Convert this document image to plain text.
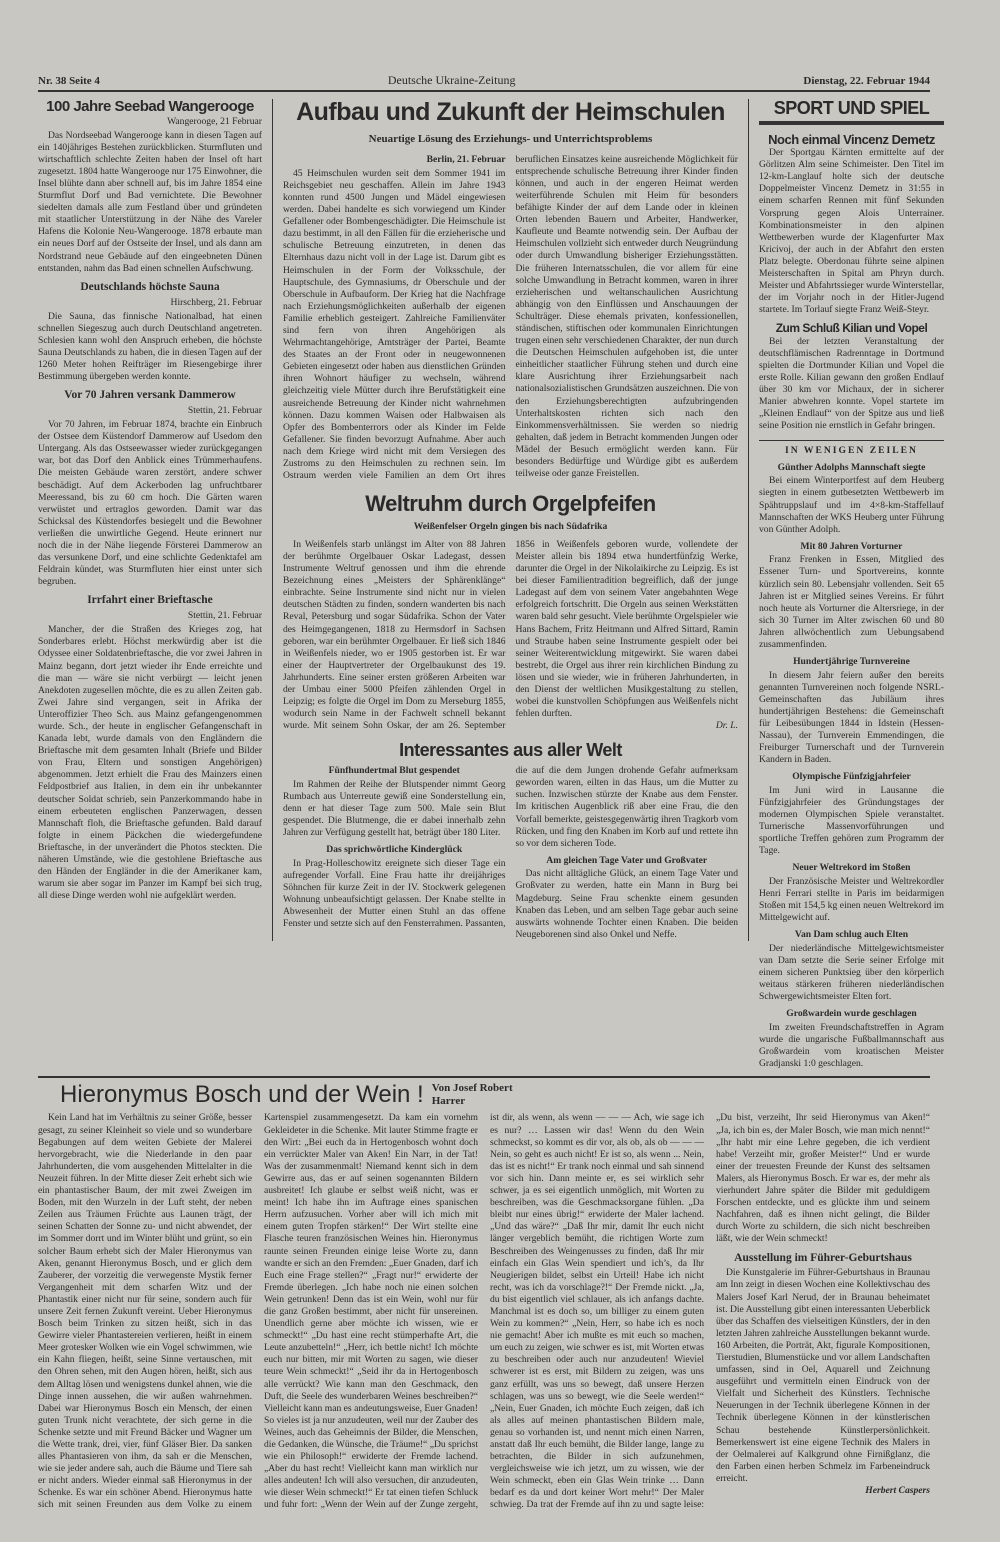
Nr. 38 Seite 4	Deutsche Ukraine-Zeitung	Dienstag, 22. Februar 1944
100 Jahre Seebad Wangerooge
Wangerooge, 21 Februar

Das Nordseebad Wangerooge kann in diesen Tagen auf ein 140jähriges Bestehen zurückblicken. Sturmfluten und wirtschaftlich schlechte Zeiten haben der Insel oft hart zugesetzt. 1804 hatte Wangerooge nur 175 Einwohner, die Insel blühte dann aber schnell auf, bis im Jahre 1854 eine Sturmflut Dorf und Bad vernichtete. Die Bewohner siedelten damals alle zum Festland über und gründeten mit staatlicher Unterstützung in der Nähe des Vareler Hafens die Kolonie Neu-Wangerooge. 1878 erbaute man ein neues Dorf auf der Ostseite der Insel, und als dann am Nordstrand neue Gebäude auf den eingeebneten Dünen entstanden, nahm das Bad einen schnellen Aufschwung.

Deutschlands höchste Sauna
Hirschberg, 21. Februar

Die Sauna, das finnische Nationalbad, hat einen schnellen Siegeszug auch durch Deutschland angetreten. Schlesien kann wohl den Anspruch erheben, die höchste Sauna Deutschlands zu haben, die in diesen Tagen auf der 1260 Meter hohen Reifträger im Riesengebirge ihrer Bestimmung übergeben werden konnte.

Vor 70 Jahren versank Dammerow
Stettin, 21. Februar

Vor 70 Jahren, im Februar 1874, brachte ein Einbruch der Ostsee dem Küstendorf Dammerow auf Usedom den Untergang. Als das Ostseewasser wieder zurückgegangen war, bot das Dorf den Anblick eines Trümmerhaufens. Die meisten Gebäude waren zerstört, andere schwer beschädigt. Auf dem Ackerboden lag unfruchtbarer Meeressand, bis zu 60 cm hoch. Die Gärten waren verwüstet und ertraglos geworden. Damit war das Schicksal des Küstendorfes besiegelt und die Bewohner verließen die unwirtliche Gegend. Heute erinnert nur noch die in der Nähe liegende Försterei Dammerow an das versunkene Dorf, und eine schlichte Gedenktafel am Feldrain kündet, was Sturmfluten hier einst unter sich begruben.

Irrfahrt einer Brieftasche
Stettin, 21. Februar

Mancher, der die Straßen des Krieges zog, hat Sonderbares erlebt. Höchst merkwürdig aber ist die Odyssee einer Soldatenbrieftasche, die vor zwei Jahren in Mainz begann, dort jetzt wieder ihr Ende erreichte und die man — wäre sie nicht verbürgt — leicht jenen Anekdoten zugesellen möchte, die es zu allen Zeiten gab. Zwei Jahre sind vergangen, seit in Afrika der Unteroffizier Theo Sch. aus Mainz gefangengenommen wurde. Sch., der heute in englischer Gefangenschaft in Kanada lebt, wurde damals von den Engländern die Brieftasche mit dem gesamten Inhalt (Briefe und Bilder von Frau, Eltern und sonstigen Angehörigen) abgenommen. Jetzt erhielt die Frau des Mainzers einen Feldpostbrief aus Italien, in dem ein ihr unbekannter deutscher Soldat schrieb, sein Panzerkommando habe in einem erbeuteten englischen Panzerwagen, dessen Mannschaft floh, die Brieftasche gefunden. Bald darauf folgte in einem Päckchen die wiedergefundene Brieftasche, in der unverändert die Photos steckten. Die näheren Umstände, wie die gestohlene Brieftasche aus den Händen der Engländer in die der Amerikaner kam, warum sie aber sogar im Panzer im Kampf bei sich trug, all diese Dinge werden wohl nie aufgeklärt werden.

Aufbau und Zukunft der Heimschulen
Neuartige Lösung des Erziehungs- und Unterrichtsproblems
Berlin, 21. Februar

45 Heimschulen wurden seit dem Sommer 1941 im Reichsgebiet neu geschaffen. Allein im Jahre 1943 konnten rund 4500 Jungen und Mädel eingewiesen werden. Dabei handelte es sich vorwiegend um Kinder Gefallener oder Bombengeschädigter. Die Heimschule ist dazu bestimmt, in all den Fällen für die erzieherische und schulische Betreuung einzutreten, in denen das Elternhaus dazu nicht voll in der Lage ist. Darum gibt es Heimschulen in der Form der Volksschule, der Hauptschule, des Gymnasiums, dr Oberschule und der Oberschule in Aufbauform. Der Krieg hat die Nachfrage nach Erziehungsmöglichkeiten außerhalb der eigenen Familie erheblich gesteigert. Zahlreiche Familienväter sind fern von ihren Angehörigen als Wehrmachtangehörige, Amtsträger der Partei, Beamte des Staates an der Front oder in neugewonnenen Gebieten eingesetzt oder haben aus dienstlichen Gründen ihren Wohnort häufiger zu wechseln, während gleichzeitig viele Mütter durch ihre Berufstätigkeit eine ausreichende Betreuung der Kinder nicht wahrnehmen können. Dazu kommen Waisen oder Halbwaisen als Opfer des Bombenterrors oder als Kinder im Felde Gefallener. Sie finden bevorzugt Aufnahme. Aber auch nach dem Kriege wird nicht mit dem Versiegen des Zustroms zu den Heimschulen zu rechnen sein. Im Ostraum werden viele Familien an dem Ort ihres beruflichen Einsatzes keine ausreichende Möglichkeit für entsprechende schulische Betreuung ihrer Kinder finden können, und auch in der engeren Heimat werden weiterführende Schulen mit Heim für besonders befähigte Kinder der auf dem Lande oder in kleinen Orten lebenden Bauern und Arbeiter, Handwerker, Kaufleute und Beamte notwendig sein. Der Aufbau der Heimschulen vollzieht sich entweder durch Neugründung oder durch Umwandlung bisheriger Erziehungsstätten. Die früheren Internatsschulen, die vor allem für eine solche Umwandlung in Betracht kommen, waren in ihrer erzieherischen und weltanschaulichen Ausrichtung abhängig von den Einflüssen und Anschauungen der Schulträger. Diese ehemals privaten, konfessionellen, ständischen, stiftischen oder kommunalen Einrichtungen trugen einen sehr verschiedenen Charakter, der nun durch die Deutschen Heimschulen aufgehoben ist, die unter einheitlicher staatlicher Führung stehen und durch eine klare Ausrichtung ihrer Erziehungsarbeit nach nationalsozialistischen Grundsätzen auszeichnen. Die von den Erziehungsberechtigten aufzubringenden Unterhaltskosten richten sich nach den Einkommensverhältnissen. Sie werden so niedrig gehalten, daß jedem in Betracht kommenden Jungen oder Mädel der Besuch ermöglicht werden kann. Für besonders Bedürftige und Würdige gibt es außerdem teilweise oder ganze Freistellen.

Weltruhm durch Orgelpfeifen
Weißenfelser Orgeln gingen bis nach Südafrika

In Weißenfels starb unlängst im Alter von 88 Jahren der berühmte Orgelbauer Oskar Ladegast, dessen Instrumente Weltruf genossen und ihm die ehrende Bezeichnung eines „Meisters der Sphärenklänge“ einbrachte. Seine Instrumente sind nicht nur in vielen deutschen Städten zu finden, sondern wanderten bis nach Reval, Petersburg und sogar Südafrika. Schon der Vater des Heimgegangenen, 1818 zu Hermsdorf in Sachsen geboren, war ein berühmter Orgelbauer. Er ließ sich 1846 in Weißenfels nieder, wo er 1905 gestorben ist. Er war einer der Hauptvertreter der Orgelbaukunst des 19. Jahrhunderts. Eine seiner ersten größeren Arbeiten war der Umbau einer 5000 Pfeifen zählenden Orgel in Leipzig; es folgte die Orgel im Dom zu Merseburg 1855, wodurch sein Name in der Fachwelt schnell bekannt wurde. Mit seinem Sohn Oskar, der am 26. September 1856 in Weißenfels geboren wurde, vollendete der Meister allein bis 1894 etwa hundertfünfzig Werke, darunter die Orgel in der Nikolaikirche zu Leipzig. Es ist bei dieser Familientradition begreiflich, daß der junge Ladegast auf dem von seinem Vater angebahnten Wege erfolgreich fortschritt. Die Orgeln aus seinen Werkstätten waren bald sehr gesucht. Viele berühmte Orgelspieler wie Hans Bachem, Fritz Heitmann und Alfred Sittard, Ramin und Straube haben seine Instrumente gespielt oder bei seiner Weiterentwicklung mitgewirkt. Sie waren dabei bestrebt, die Orgel aus ihrer rein kirchlichen Bindung zu lösen und sie wieder, wie in früheren Jahrhunderten, in den Dienst der weltlichen Musikgestaltung zu stellen, wobei die kunstvollen Schöpfungen aus Weißenfels nicht fehlen durften.

Dr. L.
Interessantes aus aller Welt
Fünfhundertmal Blut gespendet

Im Rahmen der Reihe der Blutspender nimmt Georg Rumbach aus Unterreute gewiß eine Sonderstellung ein, denn er hat dieser Tage zum 500. Male sein Blut gespendet. Die Blutmenge, die er dabei innerhalb zehn Jahren zur Verfügung gestellt hat, beträgt über 180 Liter.

Das sprichwörtliche Kinderglück

In Prag-Holleschowitz ereignete sich dieser Tage ein aufregender Vorfall. Eine Frau hatte ihr dreijähriges Söhnchen für kurze Zeit in der IV. Stockwerk gelegenen Wohnung unbeaufsichtigt gelassen. Der Knabe stellte in Abwesenheit der Mutter einen Stuhl an das offene Fenster und setzte sich auf den Fensterrahmen. Passanten, die auf die dem Jungen drohende Gefahr aufmerksam geworden waren, eilten in das Haus, um die Mutter zu suchen. Inzwischen stürzte der Knabe aus dem Fenster. Im kritischen Augenblick riß aber eine Frau, die den Vorfall bemerkte, geistesgegenwärtig ihren Tragkorb vom Rücken, und fing den Knaben im Korb auf und rettete ihn so vor dem sicheren Tode.

Am gleichen Tage Vater und Großvater

Das nicht alltägliche Glück, an einem Tage Vater und Großvater zu werden, hatte ein Mann in Burg bei Magdeburg. Seine Frau schenkte einem gesunden Knaben das Leben, und am selben Tage gebar auch seine auswärts wohnende Tochter einen Knaben. Die beiden Neugeborenen sind also Onkel und Neffe.

SPORT UND SPIEL
Noch einmal Vincenz Demetz

Der Sportgau Kärnten ermittelte auf der Görlitzen Alm seine Schimeister. Den Titel im 12-km-Langlauf holte sich der deutsche Doppelmeister Vincenz Demetz in 31:55 in einem scharfen Rennen mit fünf Sekunden Vorsprung gegen Alois Unterrainer. Kombinationsmeister in den alpinen Wettbewerben wurde der Klagenfurter Max Kricivoj, der auch in der Abfahrt den ersten Platz belegte. Oberdonau führte seine alpinen Meisterschaften in Spital am Phryn durch. Meister und Abfahrtssieger wurde Winterstellar, der im Vorjahr noch in der Hitler-Jugend startete. Im Torlauf siegte Franz Weiß-Steyr.

Zum Schluß Kilian und Vopel

Bei der letzten Veranstaltung der deutschflämischen Radrenntage in Dortmund spielten die Dortmunder Kilian und Vopel die erste Rolle. Kilian gewann den großen Endlauf über 30 km vor Michaux, der in sicherer Manier abwehren konnte. Vopel startete im „Kleinen Endlauf“ von der Spitze aus und ließ seine Position nie ernstlich in Gefahr bringen.

IN WENIGEN ZEILEN
Günther Adolphs Mannschaft siegte

Bei einem Winterportfest auf dem Heuberg siegten in einem gutbesetzten Wettbewerb im Spähtruppslauf und im 4×8-km-Staffellauf Mannschaften der WKS Heuberg unter Führung von Günther Adolph.

Mit 80 Jahren Vorturner

Franz Frenken in Essen, Mitglied des Essener Turn- und Sportvereins, konnte kürzlich sein 80. Lebensjahr vollenden. Seit 65 Jahren ist er Mitglied seines Vereins. Er führt noch heute als Vorturner die Altersriege, in der sich 30 Turner im Alter zwischen 60 und 80 Jahren allwöchentlich zum Uebungsabend zusammenfinden.

Hundertjährige Turnvereine

In diesem Jahr feiern außer den bereits genannten Turnvereinen noch folgende NSRL-Gemeinschaften das Jubiläum ihres hundertjährigen Bestehens: die Gemeinschaft für Leibesübungen 1844 in Idstein (Hessen-Nassau), der Turnverein Emmendingen, die Freiburger Turnerschaft und der Turnverein Kandern in Baden.

Olympische Fünfzigjahrfeier

Im Juni wird in Lausanne die Fünfzigjahrfeier des Gründungstages der modernen Olympischen Spiele veranstaltet. Turnerische Massenvorführungen und sportliche Treffen gehören zum Programm der Tage.

Neuer Weltrekord im Stoßen

Der Französische Meister und Weltrekordler Henri Ferrari stellte in Paris im beidarmigen Stoßen mit 154,5 kg einen neuen Weltrekord im Mittelgewicht auf.

Van Dam schlug auch Elten

Der niederländische Mittelgewichtsmeister van Dam setzte die Serie seiner Erfolge mit einem sicheren Punktsieg über den körperlich weitaus stärkeren früheren niederländischen Schwergewichtsmeister Elten fort.

Großwardein wurde geschlagen

Im zweiten Freundschaftstreffen in Agram wurde die ungarische Fußballmannschaft aus Großwardein vom kroatischen Meister Gradjanski 1:0 geschlagen.

Hieronymus Bosch und der Wein ! Von Josef Robert Harrer

Kein Land hat im Verhältnis zu seiner Größe, besser gesagt, zu seiner Kleinheit so viele und so wunderbare Begabungen auf dem weiten Gebiete der Malerei hervorgebracht, wie die Niederlande in den paar Jahrhunderten, die vom ausgehenden Mittelalter in die Neuzeit führen. In der Mitte dieser Zeit erhebt sich wie ein phantastischer Baum, der mit zwei Zweigen im Boden, mit den Wurzeln in der Luft steht, der neben Zeilen aus Träumen Früchte aus Launen trägt, der seinen Schatten der Sonne zu- und nicht abwendet, der im Sommer dorrt und im Winter blüht und grünt, so ein solcher Baum erhebt sich der Maler Hieronymus van Aken, genannt Hieronymus Bosch, und er glich dem Zauberer, der vorzeitig die verwegenste Mystik ferner Vergangenheit mit dem scharfen Witz und der Phantastik einer nicht nur für seine, sondern auch für unsere Zeit fernen Zukunft vereint. Ueber Hieronymus Bosch beim Trinken zu sitzen heißt, sich in das Gewirre vieler Phantastereien verlieren, heißt in einem Meer grotesker Wolken wie ein Vogel schwimmen, wie ein Kahn fliegen, heißt, seine Sinne vertauschen, mit den Ohren sehen, mit den Augen hören, heißt, sich aus dem Alltag lösen und wenigstens dunkel ahnen, wie die Dinge innen aussehen, die wir außen wahrnehmen. Dabei war Hieronymus Bosch ein Mensch, der einen guten Trunk nicht verachtete, der sich gerne in die Schenke setzte und mit Freund Bäcker und Wagner um die Wette trank, drei, vier, fünf Gläser Bier. Da sanken alles Phantasieren von ihm, da sah er die Menschen, wie sie jeder andere sah, auch die Bäume und Tiere sah er nicht anders. Wieder einmal saß Hieronymus in der Schenke. Es war ein schöner Abend. Hieronymus hatte sich mit seinen Freunden aus dem Volke zu einem Kartenspiel zusammengesetzt. Da kam ein vornehm Gekleideter in die Schenke. Mit lauter Stimme fragte er den Wirt: „Bei euch da in Hertogenbosch wohnt doch ein verrückter Maler van Aken! Ein Narr, in der Tat! Was der zusammenmalt! Niemand kennt sich in dem Gewirre aus, das er auf seinen sogenannten Bildern ausbreitet! Ich glaube er selbst weiß nicht, was er meint! Ich habe ihn im Auftrage eines spanischen Herrn aufzusuchen. Vorher aber will ich mich mit einem guten Tropfen stärken!“ Der Wirt stellte eine Flasche teuren französischen Weines hin. Hieronymus raunte seinen Freunden einige leise Worte zu, dann wandte er sich an den Fremden: „Euer Gnaden, darf ich Euch eine Frage stellen?“ „Fragt nur!“ erwiderte der Fremde überlegen. „Ich habe noch nie einen solchen Wein getrunken! Denn das ist ein Wein, wohl nur für die ganz Großen bestimmt, aber nicht für unsereinen. Unendlich gerne aber möchte ich wissen, wie er schmeckt!“ „Du hast eine recht stümperhafte Art, die Leute anzubetteln!“ „Herr, ich bettle nicht! Ich möchte euch nur bitten, mir mit Worten zu sagen, wie dieser teure Wein schmeckt!“ „Seid ihr da in Hertogenbosch alle verrückt? Wie kann man den Geschmack, den Duft, die Seele des wunderbaren Weines beschreiben?“ Vielleicht kann man es andeutungsweise, Euer Gnaden! So vieles ist ja nur anzudeuten, weil nur der Zauber des Weines, auch das Geheimnis der Bilder, die Menschen, die Gedanken, die Wünsche, die Träume!“ „Du sprichst wie ein Philosoph!“ erwiderte der Fremde lachend. „Aber du hast recht! Vielleicht kann man wirklich nur alles andeuten! Ich will also versuchen, dir anzudeuten, wie dieser Wein schmeckt!“ Er tat einen tiefen Schluck und fuhr fort: „Wenn der Wein auf der Zunge zergeht, ist dir, als wenn, als wenn — — — Ach, wie sage ich es nur? … Lassen wir das! Wenn du den Wein schmeckst, so kommt es dir vor, als ob, als ob — — — Nein, so geht es auch nicht! Er ist so, als wenn ... Nein, das ist es nicht!“ Er trank noch einmal und sah sinnend vor sich hin. Dann meinte er, es sei wirklich sehr schwer, ja es sei eigentlich unmöglich, mit Worten zu beschreiben, was die Geschmacksorgane fühlen. „Da bleibt nur eines übrig!“ erwiderte der Maler lachend. „Und das wäre?“ „Daß Ihr mir, damit Ihr euch nicht länger vergeblich bemüht, die richtigen Worte zum Beschreiben des Weingenusses zu finden, daß Ihr mir einfach ein Glas Wein spendiert und ich’s, da Ihr Neugierigen bildet, selbst ein Urteil! Habe ich nicht recht, was ich da vorschlage?!“ Der Fremde nickt. „Ja, du bist eigentlich viel schlauer, als ich anfangs dachte. Manchmal ist es doch so, um billiger zu einem guten Wein zu kommen?“ „Nein, Herr, so habe ich es noch nie gemacht! Aber ich mußte es mit euch so machen, um euch zu zeigen, wie schwer es ist, mit Worten etwas zu beschreiben oder auch nur anzudeuten! Wieviel schwerer ist es erst, mit Bildern zu zeigen, was uns ganz erfüllt, was uns so bewegt, daß unsere Herzen schlagen, was uns so bewegt, wie die Seele werden!“ „Nein, Euer Gnaden, ich möchte Euch zeigen, daß ich als alles auf meinen phantastischen Bildern male, genau so vorhanden ist, und nennt mich einen Narren, anstatt daß Ihr euch bemüht, die Bilder lange, lange zu betrachten, die Bilder in sich aufzunehmen, vergleichsweise wie ich jetzt, um zu wissen, wie der Wein schmeckt, eben ein Glas Wein trinke … Dann bedarf es da und dort keiner Wort mehr!“ Der Maler schwieg. Da trat der Fremde auf ihn zu und sagte leise: „Du bist, verzeiht, Ihr seid Hieronymus van Aken!“ „Ja, ich bin es, der Maler Bosch, wie man mich nennt!“ „Ihr habt mir eine Lehre gegeben, die ich verdient habe! Verzeiht mir, großer Meister!“ Und er wurde einer der treuesten Freunde der Kunst des seltsamen Malers, als Hieronymus Bosch. Er war es, der mehr als vierhundert Jahre später die Bilder mit geduldigem Forschen entdeckte, und es glückte ihm und seinem Nachfahren, daß es ihnen nicht gelingt, die Bilder durch Worte zu schildern, die sich nicht beschreiben läßt, wie der Wein schmeckt!

Ausstellung im Führer-Geburtshaus

Die Kunstgalerie im Führer-Geburtshaus in Braunau am Inn zeigt in diesen Wochen eine Kollektivschau des Malers Josef Karl Nerud, der in Braunau beheimatet ist. Die Ausstellung gibt einen interessanten Ueberblick über das Schaffen des vielseitigen Künstlers, der in den letzten Jahren zahlreiche Ausstellungen bekannt wurde. 160 Arbeiten, die Porträt, Akt, figurale Kompositionen, Tierstudien, Blumenstücke und vor allem Landschaften umfassen, sind in Oel, Aquarell und Zeichnung ausgeführt und vermitteln einen Eindruck von der Vielfalt und Sicherheit des Künstlers. Technische Neuerungen in der Technik überlegene Können in der Technik überlegene Können in der künstlerischen Schau bestehende Künstlerpersönlichkeit. Bemerkenswert ist eine eigene Technik des Malers in der Oelmalerei auf Kalkgrund ohne Firnißglanz, die den Farben einen herben Schmelz im Farbeneindruck erreicht.

Herbert Caspers
